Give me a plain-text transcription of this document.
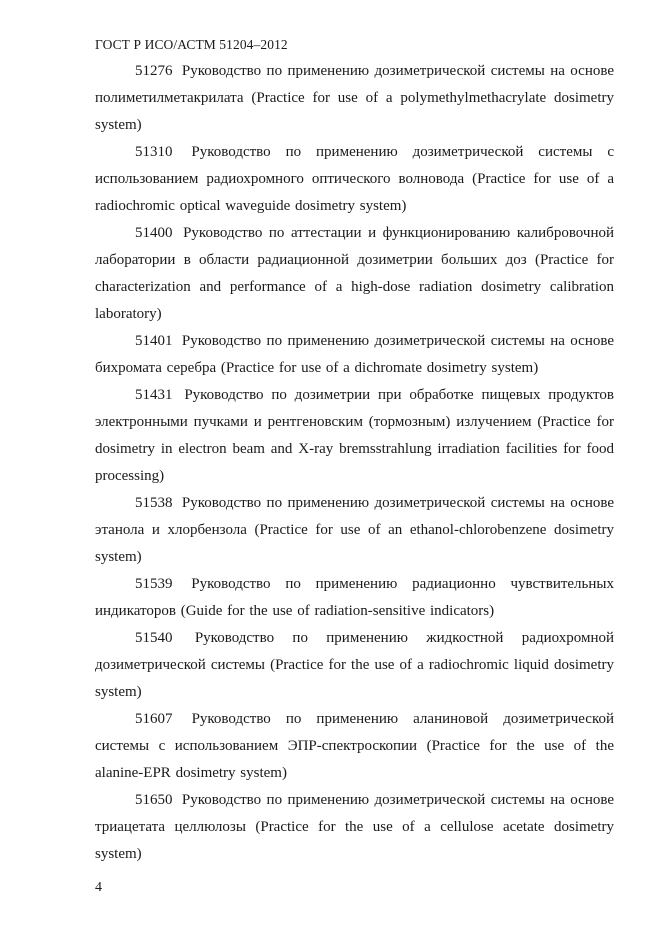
ГОСТ Р ИСО/АСТМ 51204–2012

51276 Руководство по применению дозиметрической системы на основе полиметилметакрилата (Practice for use of a polymethylmethacrylate dosimetry system)

51310 Руководство по применению дозиметрической системы с использованием радиохромного оптического волновода (Practice for use of a radiochromic optical waveguide dosimetry system)

51400 Руководство по аттестации и функционированию калибровочной лаборатории в области радиационной дозиметрии больших доз (Practice for characterization and performance of a high-dose radiation dosimetry calibration laboratory)

51401 Руководство по применению дозиметрической системы на основе бихромата серебра (Practice for use of a dichromate dosimetry system)

51431 Руководство по дозиметрии при обработке пищевых продуктов электронными пучками и рентгеновским (тормозным) излучением (Practice for dosimetry in electron beam and X-ray bremsstrahlung irradiation facilities for food processing)

51538 Руководство по применению дозиметрической системы на основе этанола и хлорбензола (Practice for use of an ethanol-chlorobenzene dosimetry system)

51539 Руководство по применению радиационно чувствительных индикаторов (Guide for the use of radiation-sensitive indicators)

51540 Руководство по применению жидкостной радиохромной дозиметрической системы (Practice for the use of a radiochromic liquid dosimetry system)

51607 Руководство по применению аланиновой дозиметрической системы с использованием ЭПР-спектроскопии (Practice for the use of the alanine-EPR dosimetry system)

51650 Руководство по применению дозиметрической системы на основе триацетата целлюлозы (Practice for the use of a cellulose acetate dosimetry system)

4
